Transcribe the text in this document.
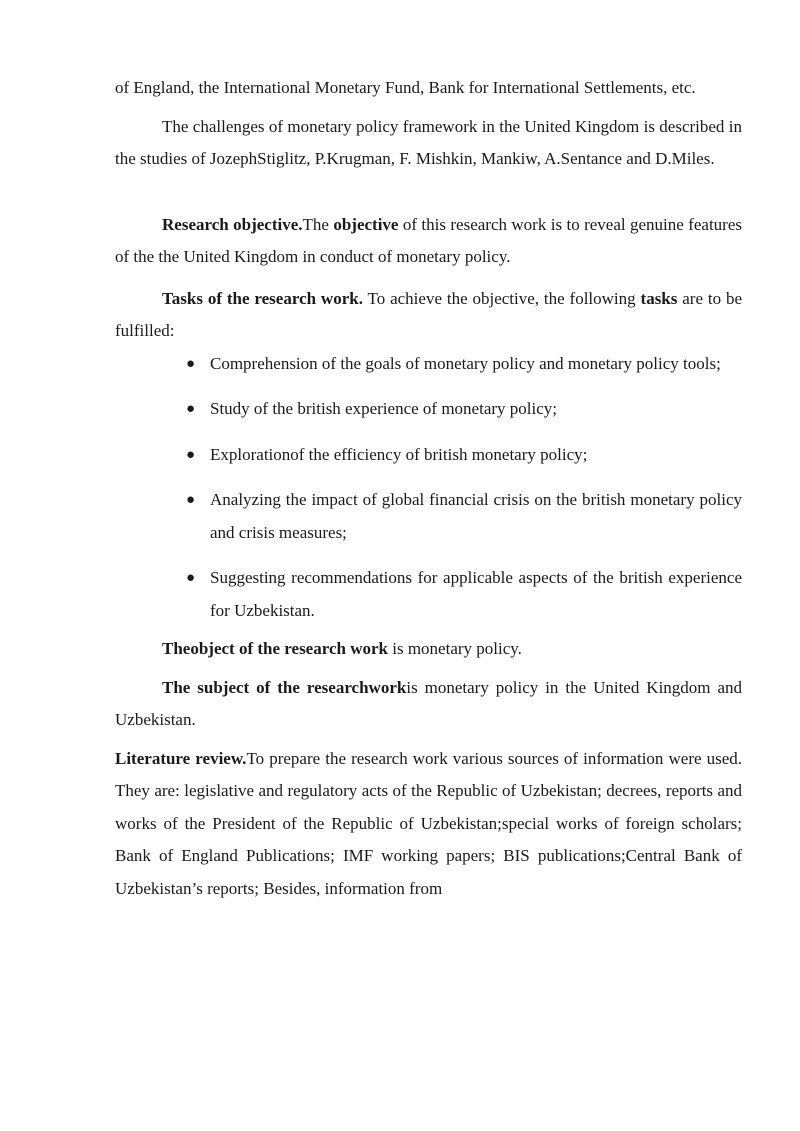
of England, the International Monetary Fund, Bank for International Settlements, etc.

The challenges of monetary policy framework in the United Kingdom is described in the studies of JozephStiglitz, P.Krugman, F. Mishkin, Mankiw, A.Sentance and D.Miles.

Research objective.The objective of this research work is to reveal genuine features of the the United Kingdom in conduct of monetary policy.

Tasks of the research work. To achieve the objective, the following tasks are to be fulfilled:

● Comprehension of the goals of monetary policy and monetary policy tools;
● Study of the british experience of monetary policy;
● Explorationof the efficiency of british monetary policy;
● Analyzing the impact of global financial crisis on the british monetary policy and crisis measures;
● Suggesting recommendations for applicable aspects of the british experience for Uzbekistan.

Theobject of the research work is monetary policy.

The subject of the researchworkis monetary policy in the United Kingdom and Uzbekistan.

Literature review.To prepare the research work various sources of information were used. They are: legislative and regulatory acts of the Republic of Uzbekistan; decrees, reports and works of the President of the Republic of Uzbekistan;special works of foreign scholars; Bank of England Publications; IMF working papers; BIS publications;Central Bank of Uzbekistan’s reports; Besides, information from
